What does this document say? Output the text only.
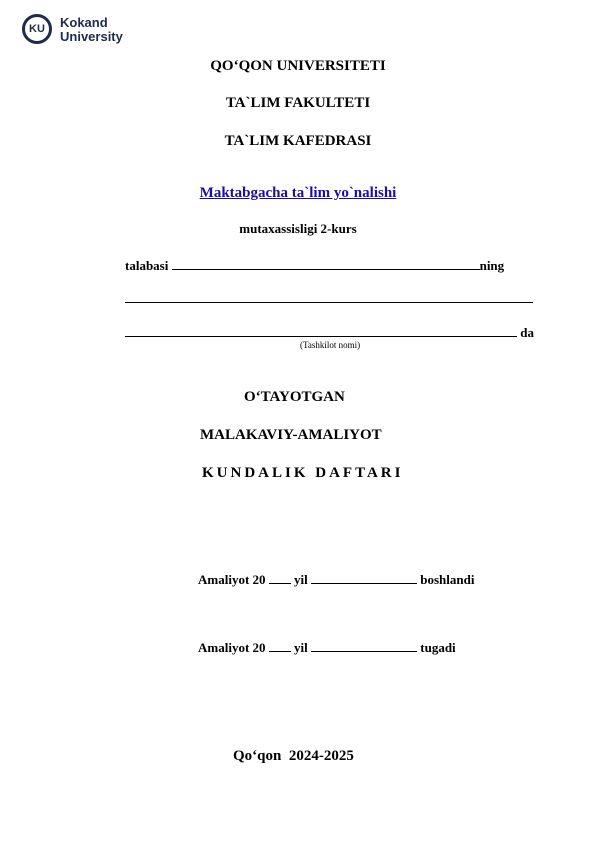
KU	Kokand
University
QO‘QON UNIVERSITETI
TA`LIM FAKULTETI
TA`LIM KAFEDRASI
Maktabgacha ta`lim yo`nalishi
mutaxassisligi 2-kurs
talabasi	ning
da
(Tashkilot nomi)
O‘TAYOTGAN
MALAKAVIY-AMALIYOT
KUNDALIK DAFTARI
Amaliyot 20 yil	boshlandi
Amaliyot 20 yil	tugadi
Qo‘qon  2024-2025
